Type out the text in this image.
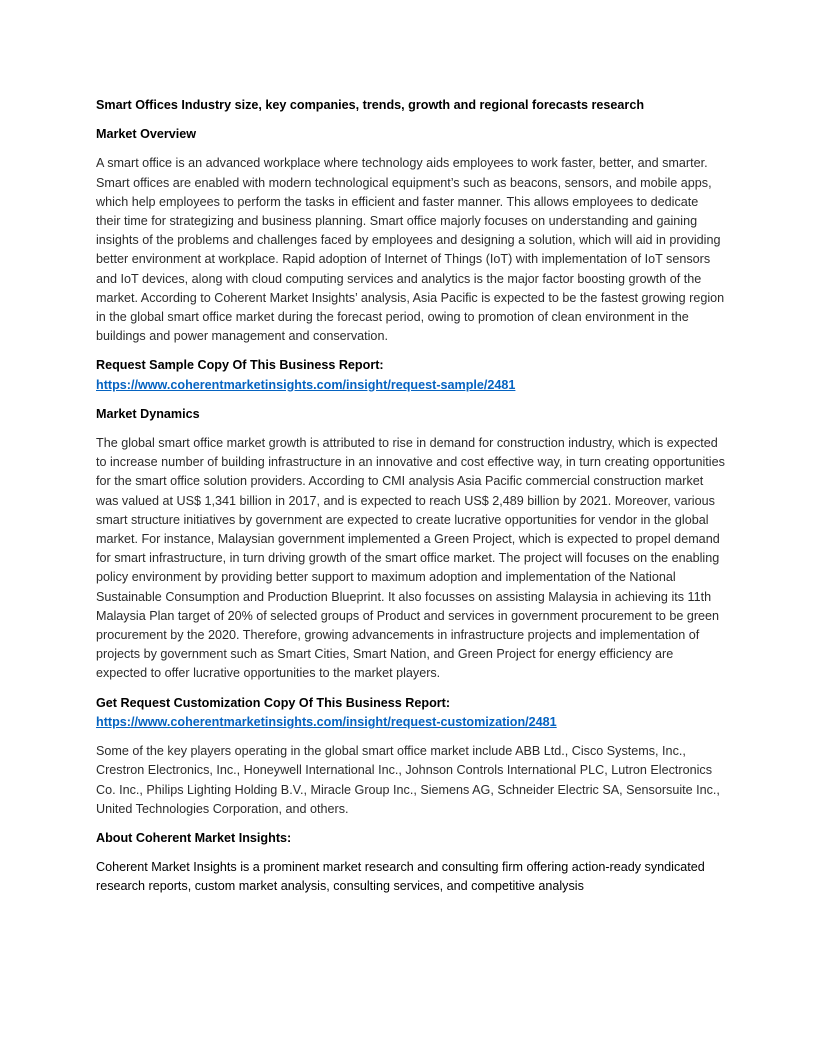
Smart Offices Industry size, key companies, trends, growth and regional forecasts research

Market Overview

A smart office is an advanced workplace where technology aids employees to work faster, better, and smarter. Smart offices are enabled with modern technological equipment’s such as beacons, sensors, and mobile apps, which help employees to perform the tasks in efficient and faster manner. This allows employees to dedicate their time for strategizing and business planning. Smart office majorly focuses on understanding and gaining insights of the problems and challenges faced by employees and designing a solution, which will aid in providing better environment at workplace. Rapid adoption of Internet of Things (IoT) with implementation of IoT sensors and IoT devices, along with cloud computing services and analytics is the major factor boosting growth of the market. According to Coherent Market Insights’ analysis, Asia Pacific is expected to be the fastest growing region in the global smart office market during the forecast period, owing to promotion of clean environment in the buildings and power management and conservation.

Request Sample Copy Of This Business Report:
https://www.coherentmarketinsights.com/insight/request-sample/2481

Market Dynamics

The global smart office market growth is attributed to rise in demand for construction industry, which is expected to increase number of building infrastructure in an innovative and cost effective way, in turn creating opportunities for the smart office solution providers. According to CMI analysis Asia Pacific commercial construction market was valued at US$ 1,341 billion in 2017, and is expected to reach US$ 2,489 billion by 2021. Moreover, various smart structure initiatives by government are expected to create lucrative opportunities for vendor in the global market. For instance, Malaysian government implemented a Green Project, which is expected to propel demand for smart infrastructure, in turn driving growth of the smart office market. The project will focuses on the enabling policy environment by providing better support to maximum adoption and implementation of the National Sustainable Consumption and Production Blueprint. It also focusses on assisting Malaysia in achieving its 11th Malaysia Plan target of 20% of selected groups of Product and services in government procurement to be green procurement by the 2020. Therefore, growing advancements in infrastructure projects and implementation of projects by government such as Smart Cities, Smart Nation, and Green Project for energy efficiency are expected to offer lucrative opportunities to the market players.

Get Request Customization Copy Of This Business Report:
https://www.coherentmarketinsights.com/insight/request-customization/2481

Some of the key players operating in the global smart office market include ABB Ltd., Cisco Systems, Inc., Crestron Electronics, Inc., Honeywell International Inc., Johnson Controls International PLC, Lutron Electronics Co. Inc., Philips Lighting Holding B.V., Miracle Group Inc., Siemens AG, Schneider Electric SA, Sensorsuite Inc., United Technologies Corporation, and others.

About Coherent Market Insights:

Coherent Market Insights is a prominent market research and consulting firm offering action-ready syndicated research reports, custom market analysis, consulting services, and competitive analysis
